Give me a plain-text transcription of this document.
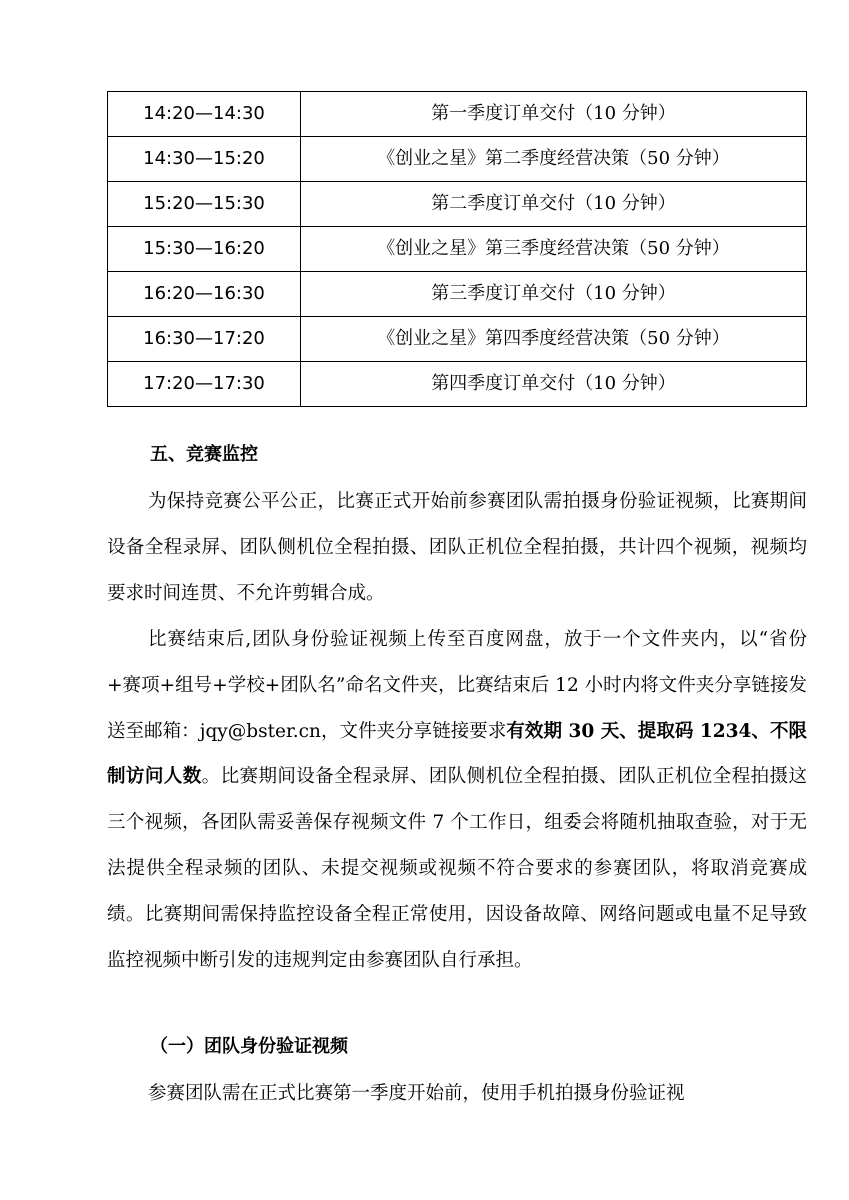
14:20—14:30	第一季度订单交付（10 分钟）
14:30—15:20	《创业之星》第二季度经营决策（50 分钟）
15:20—15:30	第二季度订单交付（10 分钟）
15:30—16:20	《创业之星》第三季度经营决策（50 分钟）
16:20—16:30	第三季度订单交付（10 分钟）
16:30—17:20	《创业之星》第四季度经营决策（50 分钟）
17:20—17:30	第四季度订单交付（10 分钟）
五、竞赛监控

为保持竞赛公平公正，比赛正式开始前参赛团队需拍摄身份验证视频，比赛期间设备全程录屏、团队侧机位全程拍摄、团队正机位全程拍摄，共计四个视频，视频均要求时间连贯、不允许剪辑合成。

比赛结束后,团队身份验证视频上传至百度网盘，放于一个文件夹内，以“省份+赛项+组号+学校+团队名”命名文件夹，比赛结束后 12 小时内将文件夹分享链接发送至邮箱：jqy@bster.cn，文件夹分享链接要求有效期 30 天、提取码 1234、不限制访问人数。比赛期间设备全程录屏、团队侧机位全程拍摄、团队正机位全程拍摄这三个视频，各团队需妥善保存视频文件 7 个工作日，组委会将随机抽取查验，对于无法提供全程录频的团队、未提交视频或视频不符合要求的参赛团队，将取消竞赛成绩。比赛期间需保持监控设备全程正常使用，因设备故障、网络问题或电量不足导致监控视频中断引发的违规判定由参赛团队自行承担。

（一）团队身份验证视频

参赛团队需在正式比赛第一季度开始前，使用手机拍摄身份验证视
